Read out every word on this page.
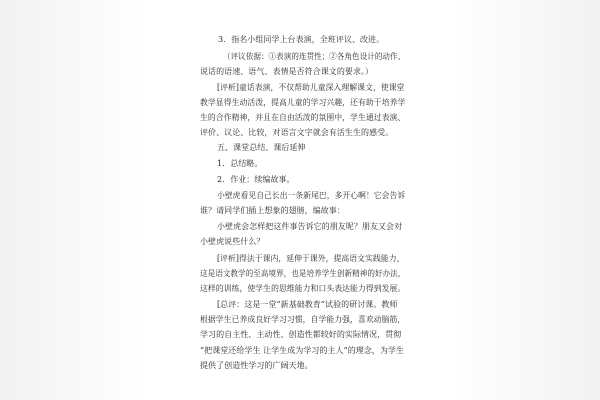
3．指名小组同学上台表演，全班评议、改进。
（评议依据：①表演的连贯性；②各角色设计的动作、
说话的语速、语气、表情是否符合课文的要求。）
[评析]童话表演，不仅帮助儿童深入理解课文，使课堂
教学显得生动活泼，提高儿童的学习兴趣，还有助于培养学
生的合作精神，并且在自由活泼的氛围中，学生通过表演、
评价、议论、比较，对语言文字就会有活生生的感受。
五、课堂总结、课后延伸
1．总结略。
2．作业：续编故事。
小壁虎看见自己长出一条新尾巴，多开心啊！它会告诉
谁？请同学们插上想象的翅膀，编故事：
小壁虎会怎样把这件事告诉它的朋友呢？朋友又会对
小壁虎说些什么？
[评析]得法于课内，延伸于课外，提高语文实践能力，
这是语文教学的至高境界，也是培养学生创新精神的好办法，
这样的训练，使学生的思维能力和口头表达能力得到发展。
[总评：这是一堂“新基础教育”试验的研讨课。教师
根据学生已养成良好学习习惯，自学能力强，喜欢动脑筋，
学习的自主性、主动性、创造性都较好的实际情况，贯彻
“把课堂还给学生 让学生成为学习的主人”的理念，为学生
提供了创造性学习的广阔天地。
